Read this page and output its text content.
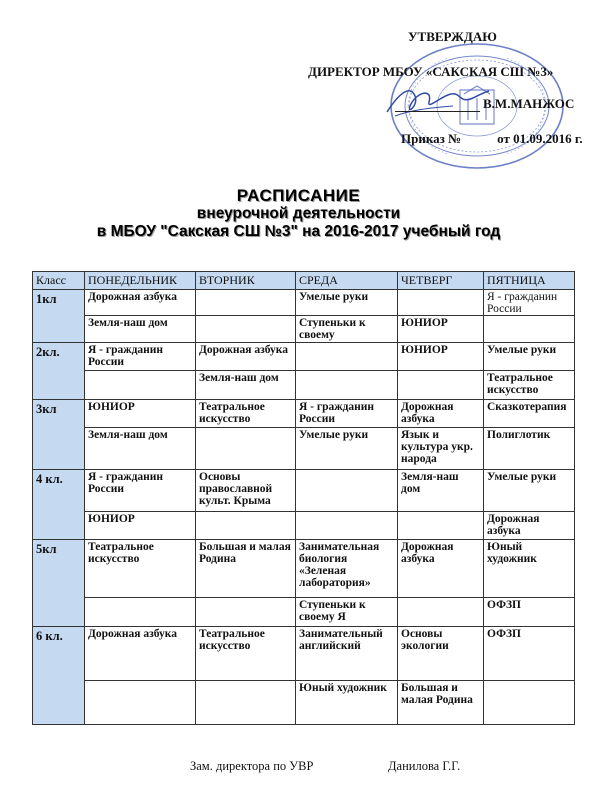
УТВЕРЖДАЮ
ДИРЕКТОР МБОУ «САКСКАЯ СШ №3»
В.М.МАНЖОС
Приказ №	от 01.09.2016 г.
РАСПИСАНИЕ
внеурочной деятельности
в МБОУ "Сакская СШ №3" на 2016-2017 учебный год
Класс	ПОНЕДЕЛЬНИК	ВТОРНИК	СРЕДА	ЧЕТВЕРГ	ПЯТНИЦА
1кл	Дорожная азбука		Умелые руки		Я - гражданин России
	Земля-наш дом		Ступеньки к своему	ЮНИОР	
2кл.	Я - гражданин России	Дорожная азбука		ЮНИОР	Умелые руки
		Земля-наш дом			Театральное искусство
3кл	ЮНИОР	Театральное искусство	Я - гражданин России	Дорожная азбука	Сказкотерапия
	Земля-наш дом		Умелые руки	Язык и культура укр. народа	Полиглотик
4 кл.	Я - гражданин России	Основы православной культ. Крыма		Земля-наш дом	Умелые руки
	ЮНИОР				Дорожная азбука
5кл	Театральное искусство	Большая и малая Родина	Занимательная биология «Зеленая лаборатория»	Дорожная азбука	Юный художник
			Ступеньки к своему Я		ОФЗП
6 кл.	Дорожная азбука	Театральное искусство	Занимательный английский	Основы экологии	ОФЗП
			Юный художник	Большая и малая Родина	
Зам. директора по УВР	Данилова Г.Г.
